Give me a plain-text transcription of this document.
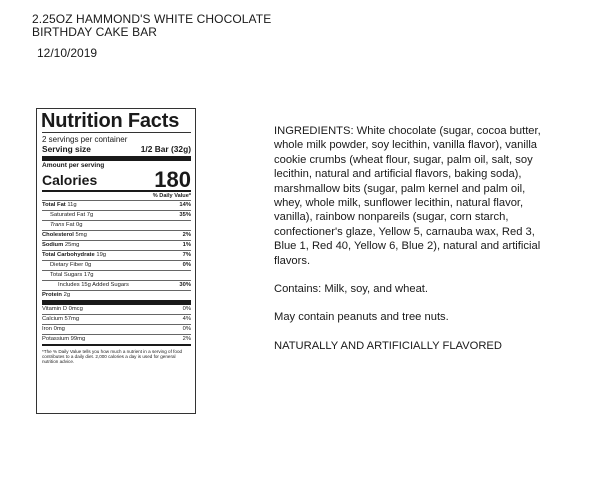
2.25OZ HAMMOND'S WHITE CHOCOLATE
BIRTHDAY CAKE BAR
12/10/2019
Nutrition Facts
2 servings per container
Serving size	1/2 Bar (32g)
Amount per serving
Calories	180
% Daily Value*
Total Fat 11g	14%
Saturated Fat 7g	35%
Trans Fat 0g
Cholesterol 5mg	2%
Sodium 25mg	1%
Total Carbohydrate 19g	7%
Dietary Fiber 0g	0%
Total Sugars 17g
Includes 15g Added Sugars	30%
Protein 2g
Vitamin D 0mcg	0%
Calcium 57mg	4%
Iron 0mg	0%
Potassium 99mg	2%
*The % Daily Value tells you how much a nutrient in a serving of food contributes to a daily diet. 2,000 calories a day is used for general nutrition advice.

INGREDIENTS: White chocolate (sugar, cocoa butter, whole milk powder, soy lecithin, vanilla flavor), vanilla cookie crumbs (wheat flour, sugar, palm oil, salt, soy lecithin, natural and artificial flavors, baking soda), marshmallow bits (sugar, palm kernel and palm oil, whey, whole milk, sunflower lecithin, natural flavor, vanilla), rainbow nonpareils (sugar, corn starch, confectioner's glaze, Yellow 5, carnauba wax, Red 3, Blue 1, Red 40, Yellow 6, Blue 2), natural and artificial flavors.

Contains: Milk, soy, and wheat.

May contain peanuts and tree nuts.

NATURALLY AND ARTIFICIALLY FLAVORED
